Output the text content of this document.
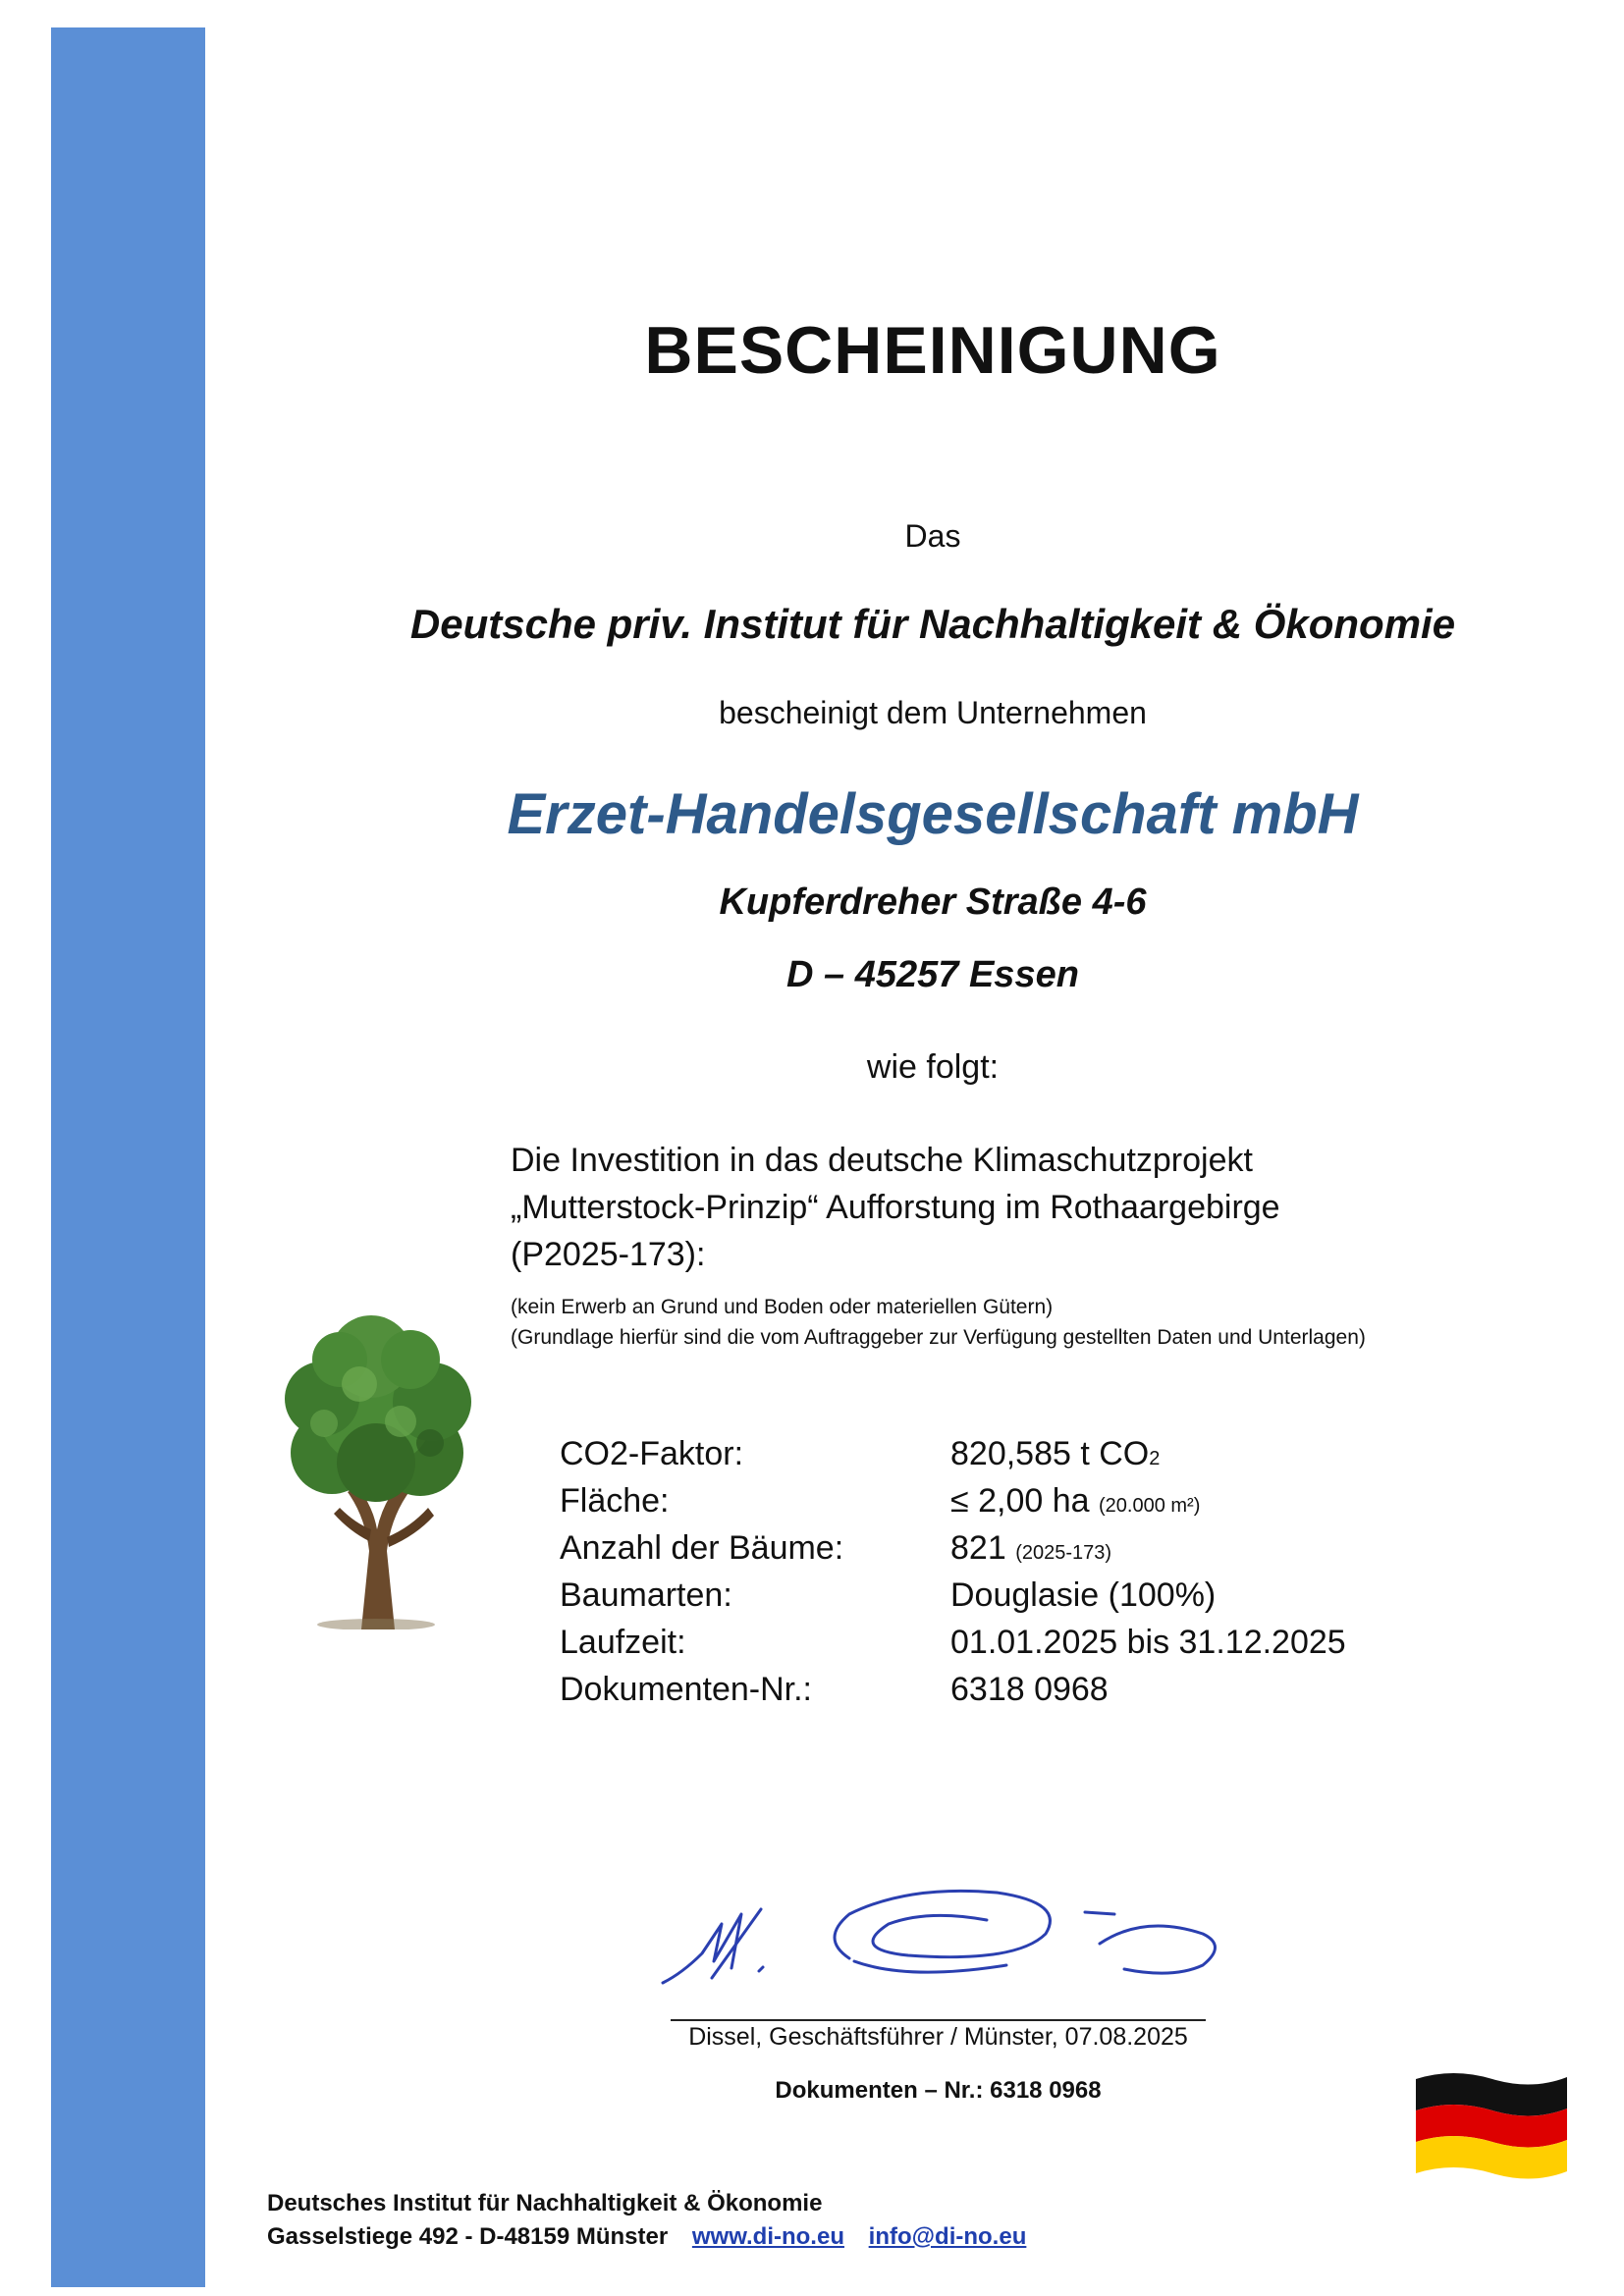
BESCHEINIGUNG
Das
Deutsche priv. Institut für Nachhaltigkeit & Ökonomie
bescheinigt dem Unternehmen
Erzet-Handelsgesellschaft mbH
Kupferdreher Straße 4-6
D – 45257 Essen
wie folgt:
Die Investition in das deutsche Klimaschutzprojekt
„Mutterstock-Prinzip“ Aufforstung im Rothaargebirge
(P2025-173):
(kein Erwerb an Grund und Boden oder materiellen Gütern)
(Grundlage hierfür sind die vom Auftraggeber zur Verfügung gestellten Daten und Unterlagen)
CO2-Faktor:	820,585 t CO2
Fläche:	≤ 2,00 ha (20.000 m²)
Anzahl der Bäume:	821 (2025-173)
Baumarten:	Douglasie (100%)
Laufzeit:	01.01.2025 bis 31.12.2025
Dokumenten-Nr.:	6318 0968
Dissel, Geschäftsführer / Münster, 07.08.2025
Dokumenten – Nr.: 6318 0968
Deutsches Institut für Nachhaltigkeit & Ökonomie
Gasselstiege 492 - D-48159 Münster www.di-no.eu info@di-no.eu
